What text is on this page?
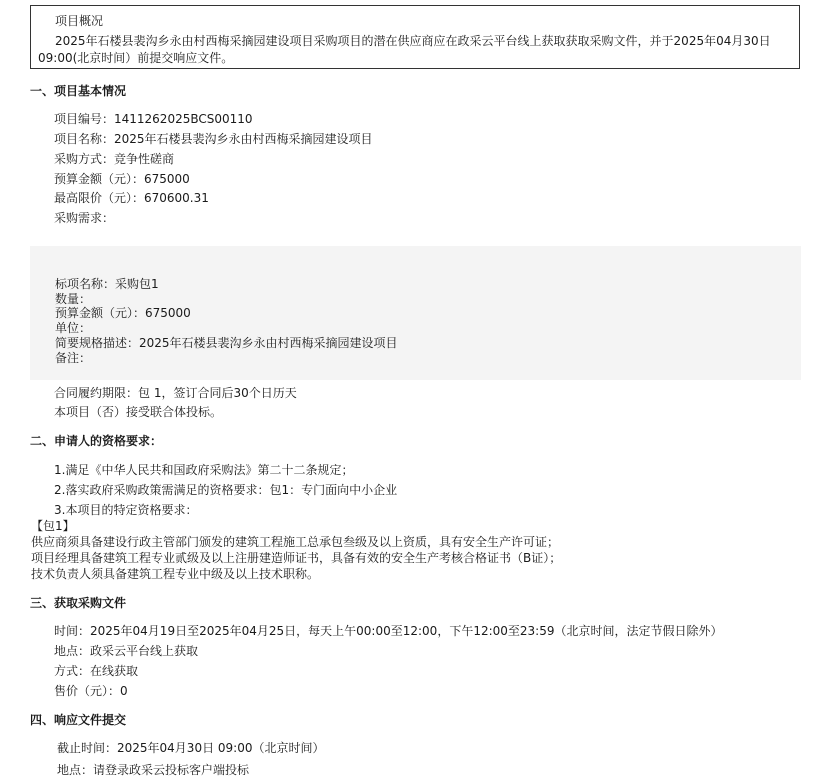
项目概况
2025年石楼县裴沟乡永由村西梅采摘园建设项目采购项目的潜在供应商应在政采云平台线上获取获取采购文件，并于2025年04月30日 09:00(北京时间）前提交响应文件。
一、项目基本情况
项目编号：1411262025BCS00110
项目名称：2025年石楼县裴沟乡永由村西梅采摘园建设项目
采购方式：竞争性磋商
预算金额（元）：675000
最高限价（元）：670600.31
采购需求：
标项名称：采购包1
数量：
预算金额（元）：675000
单位：
简要规格描述：2025年石楼县裴沟乡永由村西梅采摘园建设项目
备注：
合同履约期限：包 1，签订合同后30个日历天
本项目（否）接受联合体投标。
二、申请人的资格要求：
1.满足《中华人民共和国政府采购法》第二十二条规定；
2.落实政府采购政策需满足的资格要求：包1：专门面向中小企业
3.本项目的特定资格要求：
【包1】
供应商须具备建设行政主管部门颁发的建筑工程施工总承包叁级及以上资质，具有安全生产许可证；
项目经理具备建筑工程专业贰级及以上注册建造师证书，具备有效的安全生产考核合格证书（B证）；
技术负责人须具备建筑工程专业中级及以上技术职称。
三、获取采购文件
时间：2025年04月19日至2025年04月25日，每天上午00:00至12:00，下午12:00至23:59（北京时间，法定节假日除外）
地点：政采云平台线上获取
方式：在线获取
售价（元）：0
四、响应文件提交
截止时间：2025年04月30日 09:00（北京时间）
地点：请登录政采云投标客户端投标
